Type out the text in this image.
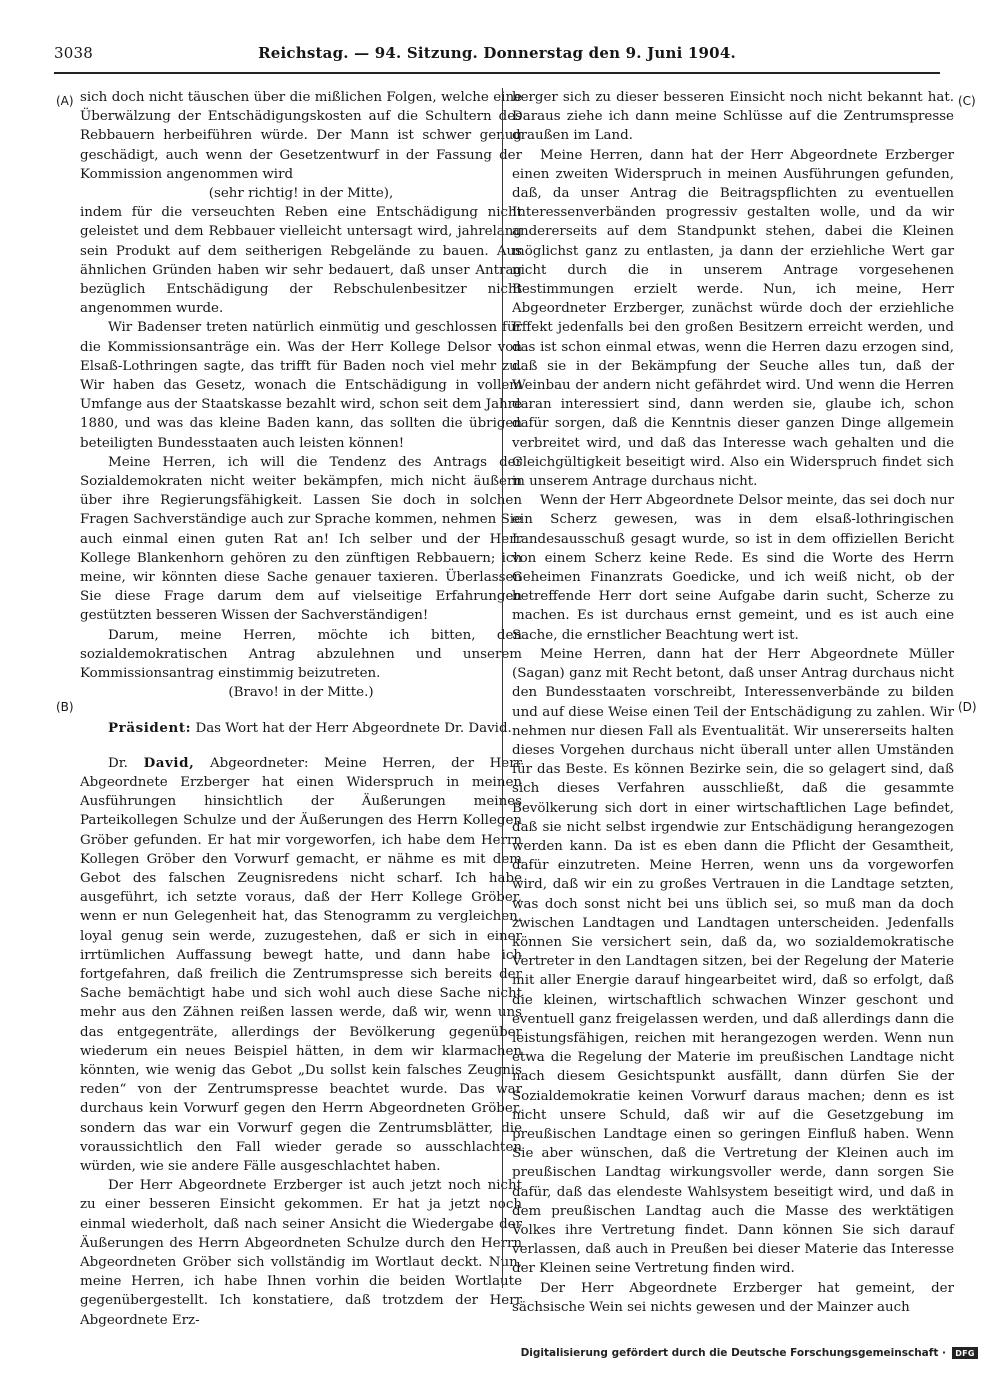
3038	Reichstag. — 94. Sitzung. Donnerstag den 9. Juni 1904.
(A)
(B)
(C)
(D)

sich doch nicht täuschen über die mißlichen Folgen, welche eine Überwälzung der Entschädigungskosten auf die Schultern des Rebbauern herbeiführen würde. Der Mann ist schwer genug geschädigt, auch wenn der Gesetzentwurf in der Fassung der Kommission angenommen wird

(sehr richtig! in der Mitte),

indem für die verseuchten Reben eine Entschädigung nicht geleistet und dem Rebbauer vielleicht untersagt wird, jahrelang sein Produkt auf dem seitherigen Rebgelände zu bauen. Aus ähnlichen Gründen haben wir sehr bedauert, daß unser Antrag bezüglich Entschädigung der Rebschulenbesitzer nicht angenommen wurde.

Wir Badenser treten natürlich einmütig und geschlossen für die Kommissionsanträge ein. Was der Herr Kollege Delsor von Elsaß-Lothringen sagte, das trifft für Baden noch viel mehr zu. Wir haben das Gesetz, wonach die Entschädigung in vollem Umfange aus der Staatskasse bezahlt wird, schon seit dem Jahre 1880, und was das kleine Baden kann, das sollten die übrigen beteiligten Bundesstaaten auch leisten können!

Meine Herren, ich will die Tendenz des Antrags der Sozialdemokraten nicht weiter bekämpfen, mich nicht äußern über ihre Regierungsfähigkeit. Lassen Sie doch in solchen Fragen Sachverständige auch zur Sprache kommen, nehmen Sie auch einmal einen guten Rat an! Ich selber und der Herr Kollege Blankenhorn gehören zu den zünftigen Rebbauern; ich meine, wir könnten diese Sache genauer taxieren. Überlassen Sie diese Frage darum dem auf vielseitige Erfahrungen gestützten besseren Wissen der Sachverständigen!

Darum, meine Herren, möchte ich bitten, den sozialdemokratischen Antrag abzulehnen und unserem Kommissionsantrag einstimmig beizutreten.

(Bravo! in der Mitte.)

Präsident: Das Wort hat der Herr Abgeordnete Dr. David.

Dr. David, Abgeordneter: Meine Herren, der Herr Abgeordnete Erzberger hat einen Widerspruch in meinen Ausführungen hinsichtlich der Äußerungen meines Parteikollegen Schulze und der Äußerungen des Herrn Kollegen Gröber gefunden. Er hat mir vorgeworfen, ich habe dem Herrn Kollegen Gröber den Vorwurf gemacht, er nähme es mit dem Gebot des falschen Zeugnisredens nicht scharf. Ich habe ausgeführt, ich setzte voraus, daß der Herr Kollege Gröber, wenn er nun Gelegenheit hat, das Stenogramm zu vergleichen, loyal genug sein werde, zuzugestehen, daß er sich in einer irrtümlichen Auffassung bewegt hatte, und dann habe ich fortgefahren, daß freilich die Zentrumspresse sich bereits der Sache bemächtigt habe und sich wohl auch diese Sache nicht mehr aus den Zähnen reißen lassen werde, daß wir, wenn uns das entgegenträte, allerdings der Bevölkerung gegenüber wiederum ein neues Beispiel hätten, in dem wir klarmachen könnten, wie wenig das Gebot „Du sollst kein falsches Zeugnis reden“ von der Zentrumspresse beachtet wurde. Das war durchaus kein Vorwurf gegen den Herrn Abgeordneten Gröber, sondern das war ein Vorwurf gegen die Zentrumsblätter, die voraussichtlich den Fall wieder gerade so ausschlachten würden, wie sie andere Fälle ausgeschlachtet haben.

Der Herr Abgeordnete Erzberger ist auch jetzt noch nicht zu einer besseren Einsicht gekommen. Er hat ja jetzt noch einmal wiederholt, daß nach seiner Ansicht die Wiedergabe der Äußerungen des Herrn Abgeordneten Schulze durch den Herrn Abgeordneten Gröber sich vollständig im Wortlaut deckt. Nun, meine Herren, ich habe Ihnen vorhin die beiden Wortlaute gegenübergestellt. Ich konstatiere, daß trotzdem der Herr Abgeordnete Erz-

berger sich zu dieser besseren Einsicht noch nicht bekannt hat. Daraus ziehe ich dann meine Schlüsse auf die Zentrumspresse draußen im Land.

Meine Herren, dann hat der Herr Abgeordnete Erzberger einen zweiten Widerspruch in meinen Ausführungen gefunden, daß, da unser Antrag die Beitragspflichten zu eventuellen Interessenverbänden progressiv gestalten wolle, und da wir andererseits auf dem Standpunkt stehen, dabei die Kleinen möglichst ganz zu entlasten, ja dann der erziehliche Wert gar nicht durch die in unserem Antrage vorgesehenen Bestimmungen erzielt werde. Nun, ich meine, Herr Abgeordneter Erzberger, zunächst würde doch der erziehliche Effekt jedenfalls bei den großen Besitzern erreicht werden, und das ist schon einmal etwas, wenn die Herren dazu erzogen sind, daß sie in der Bekämpfung der Seuche alles tun, daß der Weinbau der andern nicht gefährdet wird. Und wenn die Herren daran interessiert sind, dann werden sie, glaube ich, schon dafür sorgen, daß die Kenntnis dieser ganzen Dinge allgemein verbreitet wird, und daß das Interesse wach gehalten und die Gleichgültigkeit beseitigt wird. Also ein Widerspruch findet sich in unserem Antrage durchaus nicht.

Wenn der Herr Abgeordnete Delsor meinte, das sei doch nur ein Scherz gewesen, was in dem elsaß-lothringischen Landesausschuß gesagt wurde, so ist in dem offiziellen Bericht von einem Scherz keine Rede. Es sind die Worte des Herrn Geheimen Finanzrats Goedicke, und ich weiß nicht, ob der betreffende Herr dort seine Aufgabe darin sucht, Scherze zu machen. Es ist durchaus ernst gemeint, und es ist auch eine Sache, die ernstlicher Beachtung wert ist.

Meine Herren, dann hat der Herr Abgeordnete Müller (Sagan) ganz mit Recht betont, daß unser Antrag durchaus nicht den Bundesstaaten vorschreibt, Interessenverbände zu bilden und auf diese Weise einen Teil der Entschädigung zu zahlen. Wir nehmen nur diesen Fall als Eventualität. Wir unsererseits halten dieses Vorgehen durchaus nicht überall unter allen Umständen für das Beste. Es können Bezirke sein, die so gelagert sind, daß sich dieses Verfahren ausschließt, daß die gesammte Bevölkerung sich dort in einer wirtschaftlichen Lage befindet, daß sie nicht selbst irgendwie zur Entschädigung herangezogen werden kann. Da ist es eben dann die Pflicht der Gesamtheit, dafür einzutreten. Meine Herren, wenn uns da vorgeworfen wird, daß wir ein zu großes Vertrauen in die Landtage setzten, was doch sonst nicht bei uns üblich sei, so muß man da doch zwischen Landtagen und Landtagen unterscheiden. Jedenfalls können Sie versichert sein, daß da, wo sozialdemokratische Vertreter in den Landtagen sitzen, bei der Regelung der Materie mit aller Energie darauf hingearbeitet wird, daß so erfolgt, daß die kleinen, wirtschaftlich schwachen Winzer geschont und eventuell ganz freigelassen werden, und daß allerdings dann die leistungsfähigen, reichen mit herangezogen werden. Wenn nun etwa die Regelung der Materie im preußischen Landtage nicht nach diesem Gesichtspunkt ausfällt, dann dürfen Sie der Sozialdemokratie keinen Vorwurf daraus machen; denn es ist nicht unsere Schuld, daß wir auf die Gesetzgebung im preußischen Landtage einen so geringen Einfluß haben. Wenn Sie aber wünschen, daß die Vertretung der Kleinen auch im preußischen Landtag wirkungsvoller werde, dann sorgen Sie dafür, daß das elendeste Wahlsystem beseitigt wird, und daß in dem preußischen Landtag auch die Masse des werktätigen Volkes ihre Vertretung findet. Dann können Sie sich darauf verlassen, daß auch in Preußen bei dieser Materie das Interesse der Kleinen seine Vertretung finden wird.

Der Herr Abgeordnete Erzberger hat gemeint, der sächsische Wein sei nichts gewesen und der Mainzer auch

Digitalisierung gefördert durch die Deutsche Forschungsgemeinschaft ·	DFG
